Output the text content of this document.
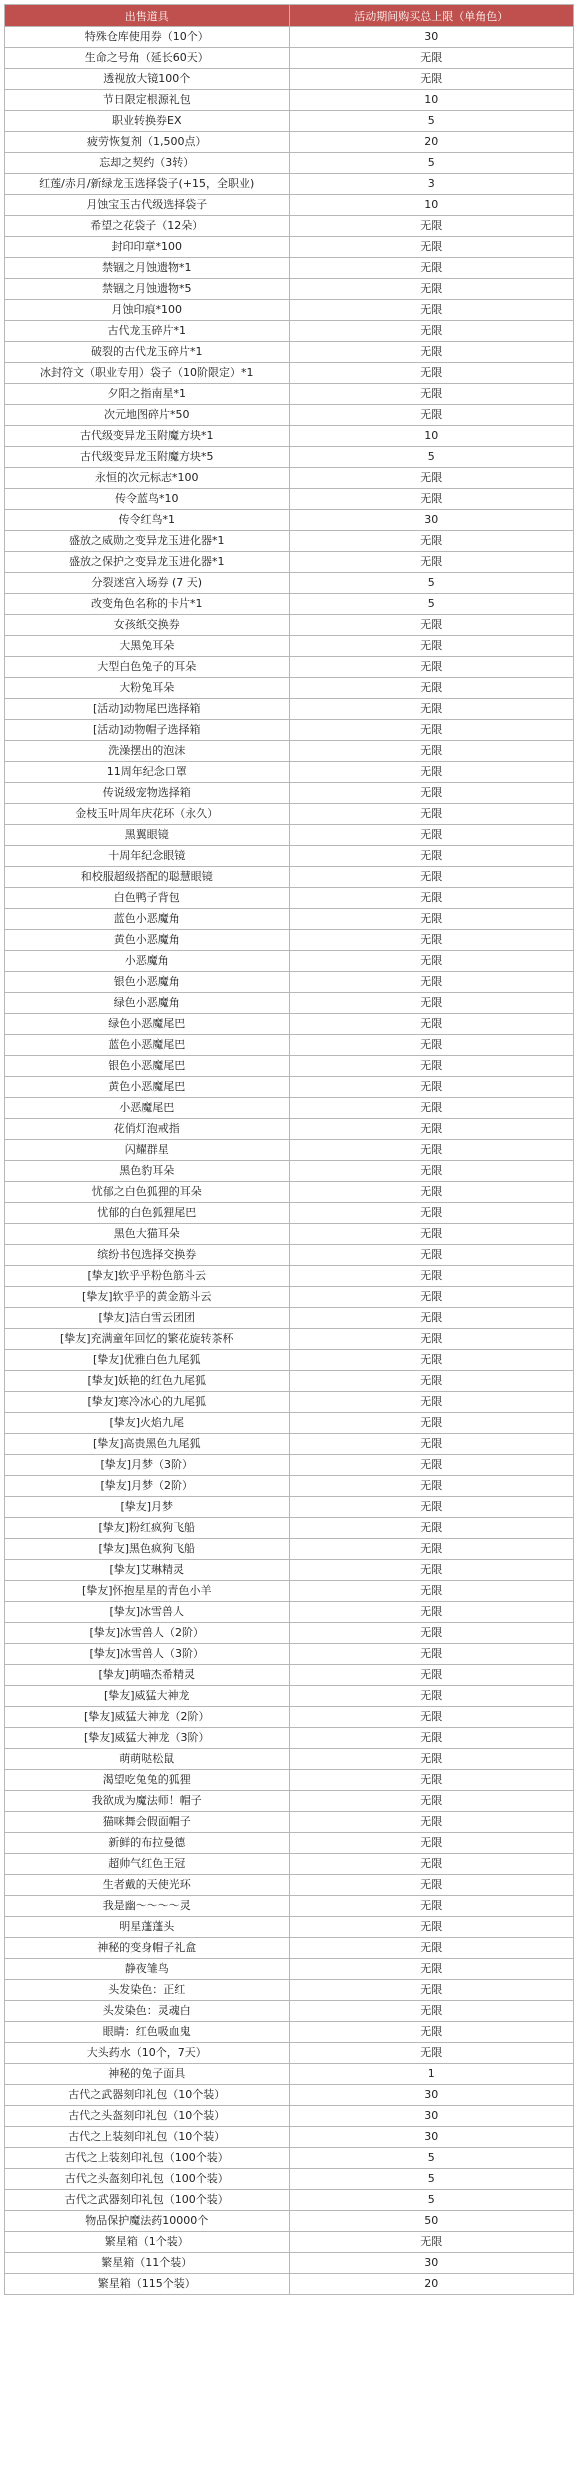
出售道具	活动期间购买总上限（单角色）
特殊仓库使用券（10个）	30
生命之号角（延长60天）	无限
透视放大镜100个	无限
节日限定根源礼包	10
职业转换券EX	5
疲劳恢复剂（1,500点）	20
忘却之契约（3转）	5
红莲/赤月/新绿龙玉选择袋子(+15，全职业)	3
月蚀宝玉古代级选择袋子	10
希望之花袋子（12朵）	无限
封印印章*100	无限
禁锢之月蚀遗物*1	无限
禁锢之月蚀遗物*5	无限
月蚀印痕*100	无限
古代龙玉碎片*1	无限
破裂的古代龙玉碎片*1	无限
冰封符文（职业专用）袋子（10阶限定）*1	无限
夕阳之指南星*1	无限
次元地图碎片*50	无限
古代级变异龙玉附魔方块*1	10
古代级变异龙玉附魔方块*5	5
永恒的次元标志*100	无限
传令蓝鸟*10	无限
传令红鸟*1	30
盛放之威勋之变异龙玉进化器*1	无限
盛放之保护之变异龙玉进化器*1	无限
分裂迷宫入场券 (7 天)	5
改变角色名称的卡片*1	5
女孩纸交换券	无限
大黑兔耳朵	无限
大型白色兔子的耳朵	无限
大粉兔耳朵	无限
[活动]动物尾巴选择箱	无限
[活动]动物帽子选择箱	无限
洗澡摆出的泡沫	无限
11周年纪念口罩	无限
传说级宠物选择箱	无限
金枝玉叶周年庆花环（永久）	无限
黑翼眼镜	无限
十周年纪念眼镜	无限
和校服超级搭配的聪慧眼镜	无限
白色鸭子背包	无限
蓝色小恶魔角	无限
黄色小恶魔角	无限
小恶魔角	无限
银色小恶魔角	无限
绿色小恶魔角	无限
绿色小恶魔尾巴	无限
蓝色小恶魔尾巴	无限
银色小恶魔尾巴	无限
黄色小恶魔尾巴	无限
小恶魔尾巴	无限
花俏灯泡戒指	无限
闪耀群星	无限
黑色豹耳朵	无限
忧郁之白色狐狸的耳朵	无限
忧郁的白色狐狸尾巴	无限
黑色大猫耳朵	无限
缤纷书包选择交换券	无限
[挚友]软乎乎粉色筋斗云	无限
[挚友]软乎乎的黄金筋斗云	无限
[挚友]洁白雪云团团	无限
[挚友]充满童年回忆的繁花旋转茶杯	无限
[挚友]优雅白色九尾狐	无限
[挚友]妖艳的红色九尾狐	无限
[挚友]寒冷冰心的九尾狐	无限
[挚友]火焰九尾	无限
[挚友]高贵黑色九尾狐	无限
[挚友]月梦（3阶）	无限
[挚友]月梦（2阶）	无限
[挚友]月梦	无限
[挚友]粉红疯狗飞船	无限
[挚友]黑色疯狗飞船	无限
[挚友]艾琳精灵	无限
[挚友]怀抱星星的青色小羊	无限
[挚友]冰雪兽人	无限
[挚友]冰雪兽人（2阶）	无限
[挚友]冰雪兽人（3阶）	无限
[挚友]萌喵杰希精灵	无限
[挚友]威猛大神龙	无限
[挚友]威猛大神龙（2阶）	无限
[挚友]威猛大神龙（3阶）	无限
萌萌哒松鼠	无限
渴望吃兔兔的狐狸	无限
我欲成为魔法师！帽子	无限
猫咪舞会假面帽子	无限
新鲜的布拉曼德	无限
超帅气红色王冠	无限
生者戴的天使光环	无限
我是幽～～～～灵	无限
明星蓬蓬头	无限
神秘的变身帽子礼盒	无限
静夜雏鸟	无限
头发染色：正红	无限
头发染色：灵魂白	无限
眼睛：红色吸血鬼	无限
大头药水（10个，7天）	无限
神秘的兔子面具	1
古代之武器刻印礼包（10个装）	30
古代之头盔刻印礼包（10个装）	30
古代之上装刻印礼包（10个装）	30
古代之上装刻印礼包（100个装）	5
古代之头盔刻印礼包（100个装）	5
古代之武器刻印礼包（100个装）	5
物品保护魔法药10000个	50
繁星箱（1个装）	无限
繁星箱（11个装）	30
繁星箱（115个装）	20
